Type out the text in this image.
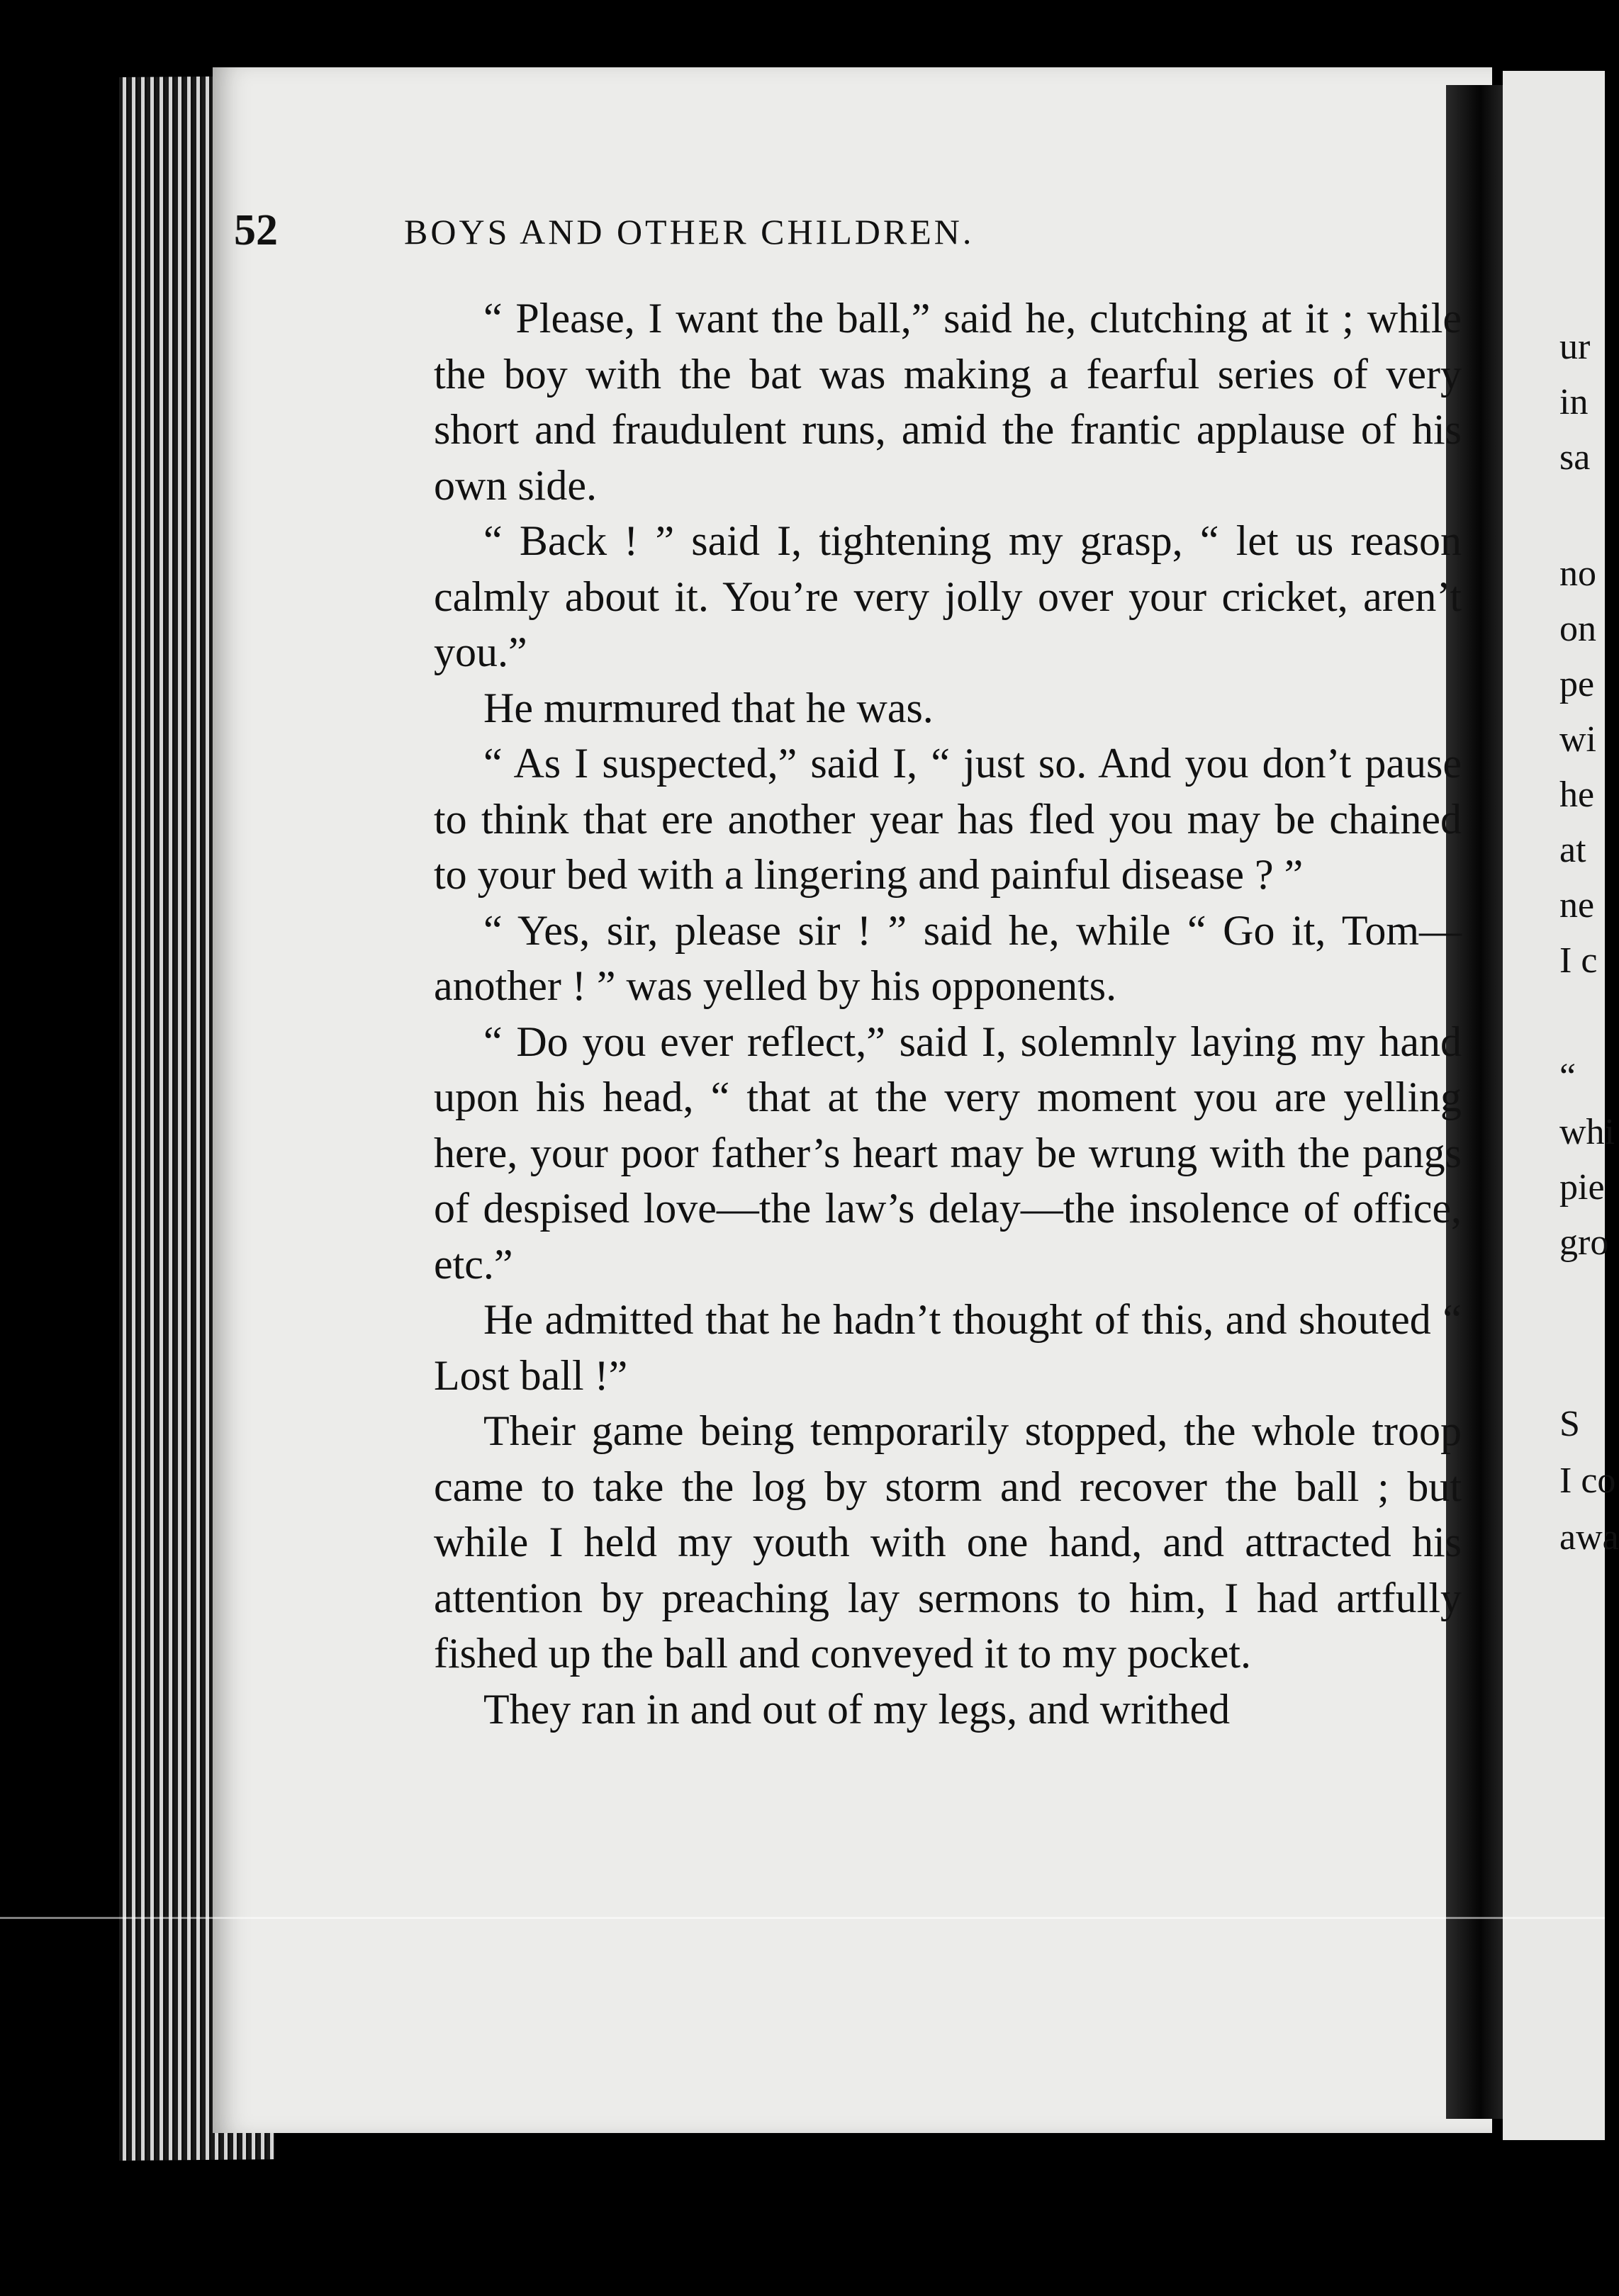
ur
in
sa
no
on
pe
wi
he
at
ne
I c
“
whi
pie
gro
S
I co
awa
52	BOYS AND OTHER CHILDREN.

“ Please, I want the ball,” said he, clutching at it ; while the boy with the bat was making a fearful series of very short and fraudulent runs, amid the frantic applause of his own side.

“ Back ! ” said I, tightening my grasp, “ let us reason calmly about it. You’re very jolly over your cricket, aren’t you.”

He murmured that he was.

“ As I suspected,” said I, “ just so. And you don’t pause to think that ere another year has fled you may be chained to your bed with a lingering and painful disease ? ”

“ Yes, sir, please sir ! ” said he, while “ Go it, Tom—another ! ” was yelled by his opponents.

“ Do you ever reflect,” said I, solemnly laying my hand upon his head, “ that at the very moment you are yelling here, your poor father’s heart may be wrung with the pangs of despised love—the law’s delay—the insolence of office, etc.”

He admitted that he hadn’t thought of this, and shouted “ Lost ball !”

Their game being temporarily stopped, the whole troop came to take the log by storm and recover the ball ; but while I held my youth with one hand, and attracted his attention by preaching lay sermons to him, I had artfully fished up the ball and conveyed it to my pocket.

They ran in and out of my legs, and writhed
